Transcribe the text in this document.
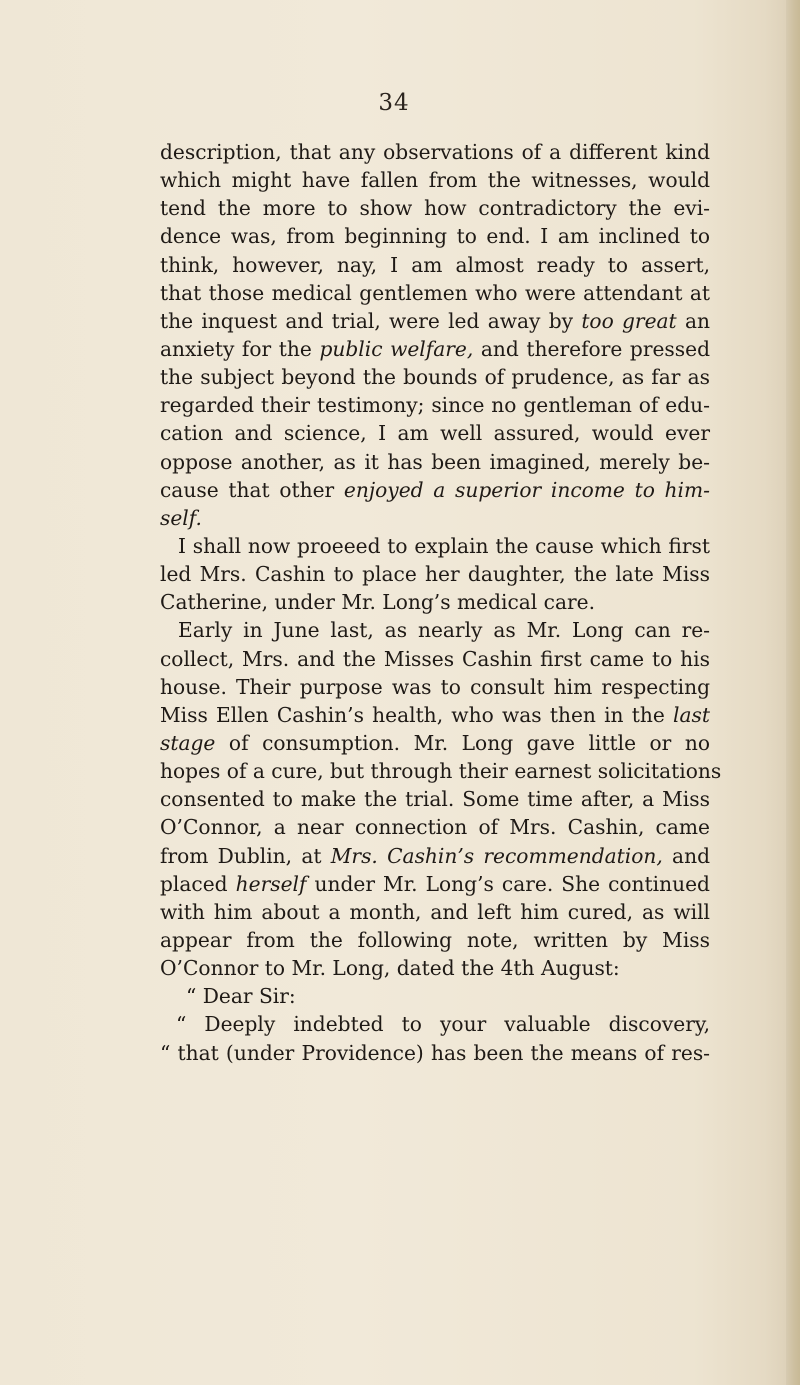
34
description, that any observations of a different kind
which might have fallen from the witnesses, would
tend the more to show how contradictory the evi-
dence was, from beginning to end. I am inclined to
think, however, nay, I am almost ready to assert,
that those medical gentlemen who were attendant at
the inquest and trial, were led away by too great an
anxiety for the public welfare, and therefore pressed
the subject beyond the bounds of prudence, as far as
regarded their testimony; since no gentleman of edu-
cation and science, I am well assured, would ever
oppose another, as it has been imagined, merely be-
cause that other enjoyed a superior income to him-
self.
I shall now proeeed to explain the cause which first
led Mrs. Cashin to place her daughter, the late Miss
Catherine, under Mr. Long’s medical care.
Early in June last, as nearly as Mr. Long can re-
collect, Mrs. and the Misses Cashin first came to his
house. Their purpose was to consult him respecting
Miss Ellen Cashin’s health, who was then in the last
stage of consumption. Mr. Long gave little or no
hopes of a cure, but through their earnest solicitations
consented to make the trial. Some time after, a Miss
O’Connor, a near connection of Mrs. Cashin, came
from Dublin, at Mrs. Cashin’s recommendation, and
placed herself under Mr. Long’s care. She continued
with him about a month, and left him cured, as will
appear from the following note, written by Miss
O’Connor to Mr. Long, dated the 4th August:
“ Dear Sir:
“ Deeply indebted to your valuable discovery,
“ that (under Providence) has been the means of res-
